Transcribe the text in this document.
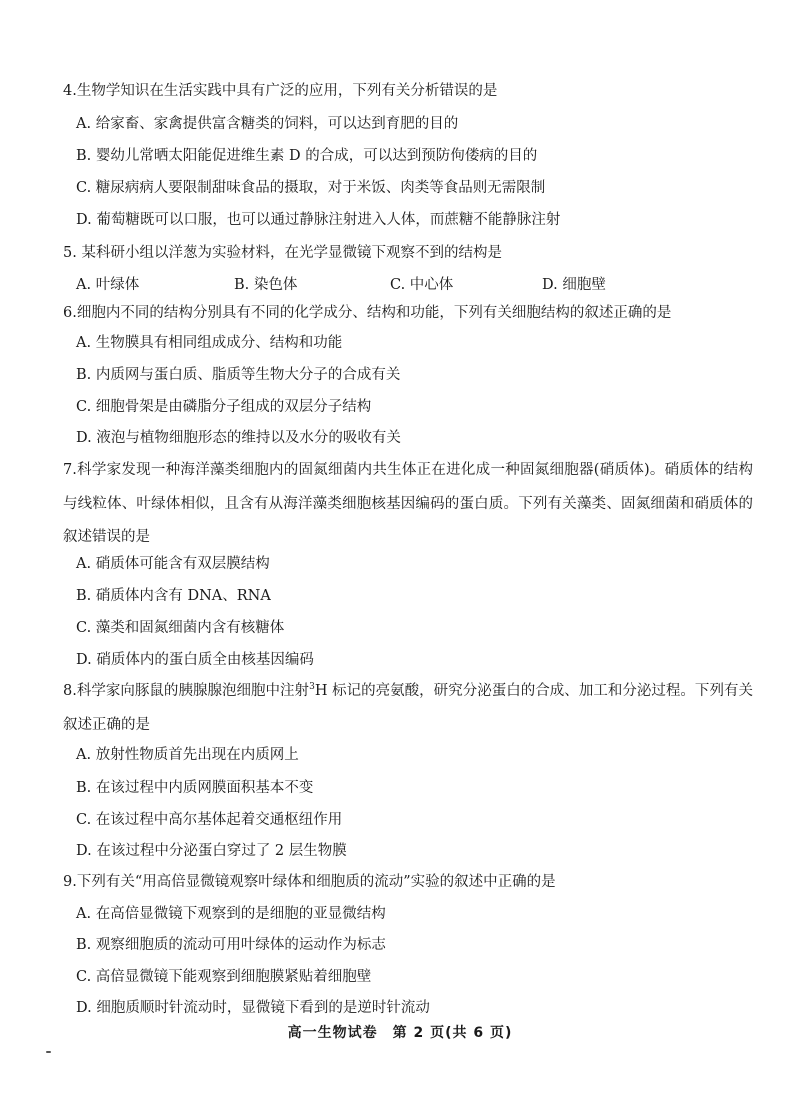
4.生物学知识在生活实践中具有广泛的应用，下列有关分析错误的是
A. 给家畜、家禽提供富含糖类的饲料，可以达到育肥的目的
B. 婴幼儿常晒太阳能促进维生素 D 的合成，可以达到预防佝偻病的目的
C. 糖尿病病人要限制甜味食品的摄取，对于米饭、肉类等食品则无需限制
D. 葡萄糖既可以口服，也可以通过静脉注射进入人体，而蔗糖不能静脉注射
5. 某科研小组以洋葱为实验材料，在光学显微镜下观察不到的结构是
A. 叶绿体	B. 染色体	C. 中心体	D. 细胞壁
6.细胞内不同的结构分别具有不同的化学成分、结构和功能，下列有关细胞结构的叙述正确的是
A. 生物膜具有相同组成成分、结构和功能
B. 内质网与蛋白质、脂质等生物大分子的合成有关
C. 细胞骨架是由磷脂分子组成的双层分子结构
D. 液泡与植物细胞形态的维持以及水分的吸收有关
7.科学家发现一种海洋藻类细胞内的固氮细菌内共生体正在进化成一种固氮细胞器(硝质体)。硝质体的结构与线粒体、叶绿体相似，且含有从海洋藻类细胞核基因编码的蛋白质。下列有关藻类、固氮细菌和硝质体的叙述错误的是
A. 硝质体可能含有双层膜结构
B. 硝质体内含有 DNA、RNA
C. 藻类和固氮细菌内含有核糖体
D. 硝质体内的蛋白质全由核基因编码
8.科学家向豚鼠的胰腺腺泡细胞中注射$^3$H 标记的亮氨酸，研究分泌蛋白的合成、加工和分泌过程。下列有关叙述正确的是
A. 放射性物质首先出现在内质网上
B. 在该过程中内质网膜面积基本不变
C. 在该过程中高尔基体起着交通枢纽作用
D. 在该过程中分泌蛋白穿过了 2 层生物膜
9.下列有关“用高倍显微镜观察叶绿体和细胞质的流动”实验的叙述中正确的是
A. 在高倍显微镜下观察到的是细胞的亚显微结构
B. 观察细胞质的流动可用叶绿体的运动作为标志
C. 高倍显微镜下能观察到细胞膜紧贴着细胞壁
D. 细胞质顺时针流动时，显微镜下看到的是逆时针流动
高一生物试卷　第 2 页(共 6 页)
